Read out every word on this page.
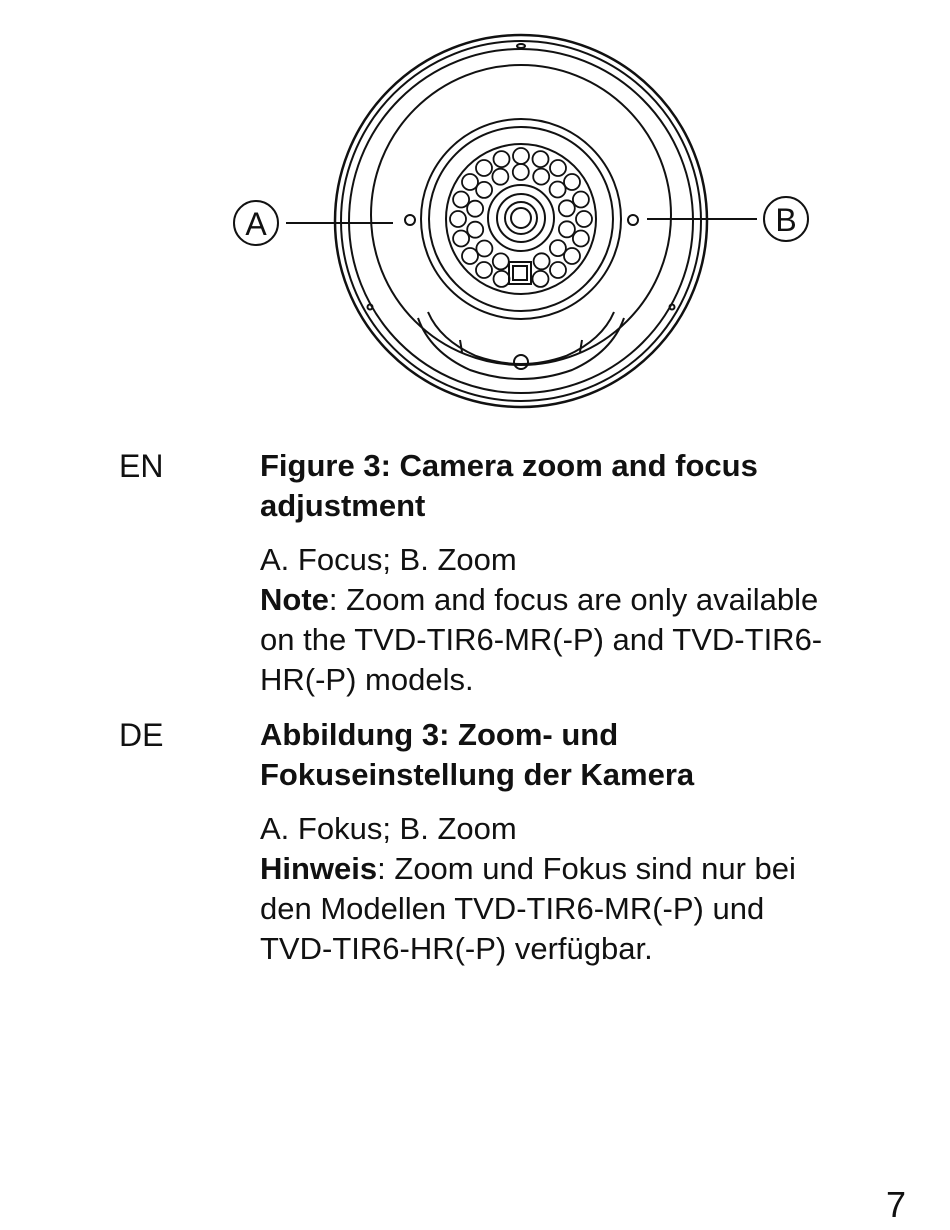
A	B
EN	Figure 3: Camera zoom and focus
adjustment

A. Focus; B. Zoom

Note: Zoom and focus are only available

on the TVD-TIR6-MR(-P) and TVD-TIR6-

HR(-P) models.

DE	Abbildung 3: Zoom- und
Fokuseinstellung der Kamera

A. Fokus; B. Zoom

Hinweis: Zoom und Fokus sind nur bei

den Modellen TVD-TIR6-MR(-P) und

TVD-TIR6-HR(-P) verfügbar.

7
